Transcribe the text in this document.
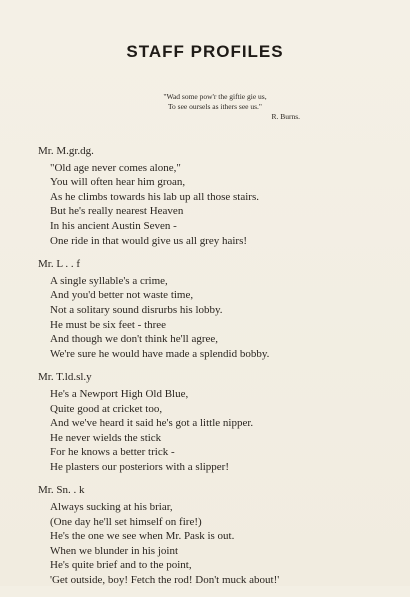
STAFF PROFILES
"Wad some pow'r the giftie gie us,
To see oursels as ithers see us."
R. Burns.
Mr. M.gr.dg.
"Old age never comes alone,"
You will often hear him groan,
As he climbs towards his lab up all those stairs.
But he's really nearest Heaven
In his ancient Austin Seven -
One ride in that would give us all grey hairs!
Mr. L . . f
A single syllable's a crime,
And you'd better not waste time,
Not a solitary sound disrurbs his lobby.
He must be six feet - three
And though we don't think he'll agree,
We're sure he would have made a splendid bobby.
Mr. T.ld.sl.y
He's a Newport High Old Blue,
Quite good at cricket too,
And we've heard it said he's got a little nipper.
He never wields the stick
For he knows a better trick -
He plasters our posteriors with a slipper!
Mr. Sn. . k
Always sucking at his briar,
(One day he'll set himself on fire!)
He's the one we see when Mr. Pask is out.
When we blunder in his joint
He's quite brief and to the point,
'Get outside, boy! Fetch the rod! Don't muck about!'
